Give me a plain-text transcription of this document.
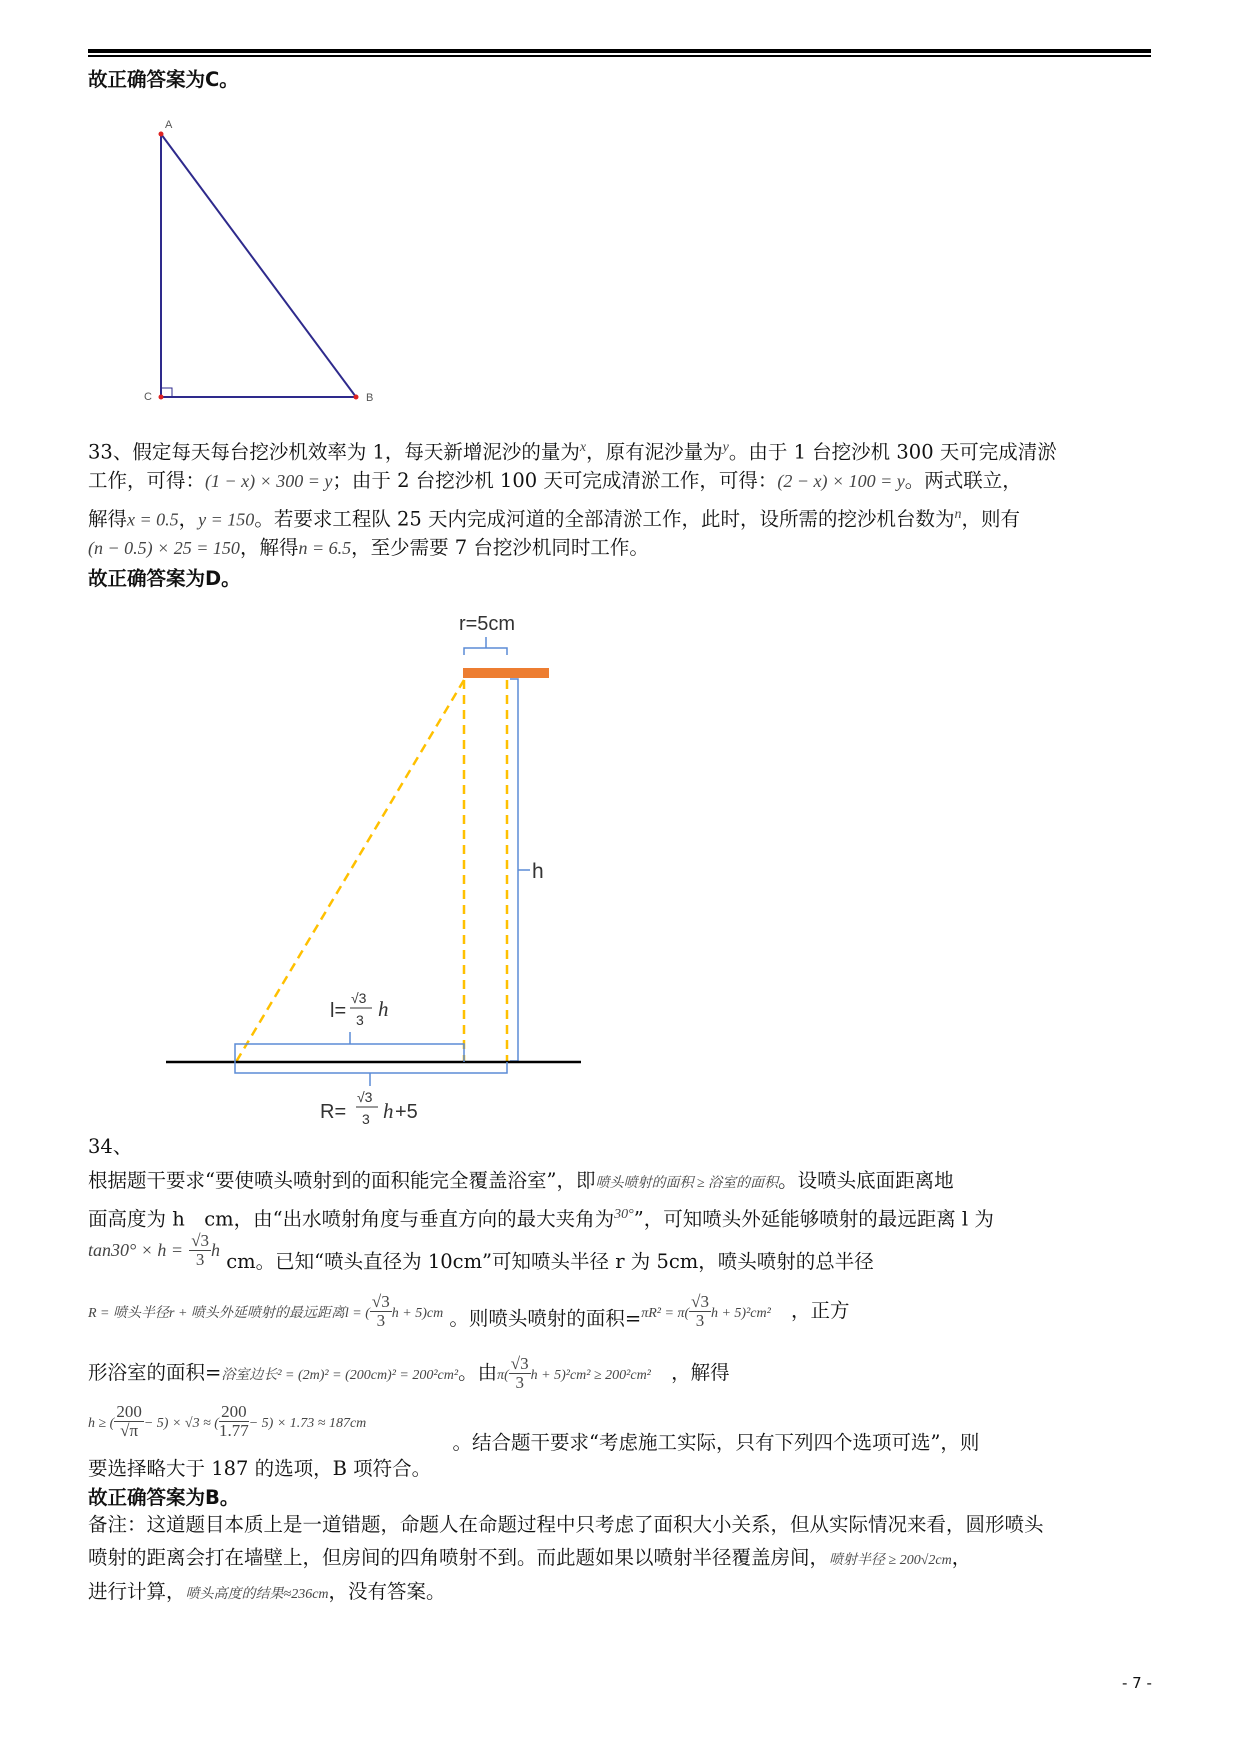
故正确答案为C。
A
C	B
r=5cm
h
l=
√3
3 h
R=
√3
3 h +5
33、假定每天每台挖沙机效率为 1，每天新增泥沙的量为$^x$，原有泥沙量为$^y$。由于 1 台挖沙机 300 天可完成清淤
工作，可得：(1 − x) × 300 = y；由于 2 台挖沙机 100 天可完成清淤工作，可得：(2 − x) × 100 = y。两式联立，
解得x = 0.5，y = 150。若要求工程队 25 天内完成河道的全部清淤工作，此时，设所需的挖沙机台数为$^n$，则有
(n − 0.5) × 25 = 150，解得n = 6.5，至少需要 7 台挖沙机同时工作。
故正确答案为D。
34、
根据题干要求“要使喷头喷射到的面积能完全覆盖浴室”，即喷头喷射的面积 ≥ 浴室的面积。设喷头底面距离地
面高度为 h　cm，由“出水喷射角度与垂直方向的最大夹角为$^{30^\circ}$”，可知喷头外延能够喷射的最远距离 l 为
$\tan 30^\circ \times h = \frac{√3}{3}$ h cm。已知“喷头直径为 10cm”可知喷头半径 r 为 5cm，喷头喷射的总半径
R = 喷头半径r + 喷头外延喷射的最远距离l = ( $\frac{√3}{3}$ h + 5)cm 。则喷头喷射的面积$=\pi R^2 = \pi( \frac{√3}{3}$ h + 5)²cm² ，正方
形浴室的面积=浴室边长² = (2m)² = (200cm)² = 200²cm²。由$\pi( \frac{√3}{3}$ h + 5)²cm² ≥ 200²cm² ，解得
h ≥ ( $\frac{200}{√\pi} - 5) \times √3$ ≈ ( $\frac{200}{1.77} - 5) \times 1.73 \approx 187cm$ 。结合题干要求“考虑施工实际，只有下列四个选项可选”，则
要选择略大于 187 的选项，B 项符合。
故正确答案为B。
备注：这道题目本质上是一道错题，命题人在命题过程中只考虑了面积大小关系，但从实际情况来看，圆形喷头
喷射的距离会打在墙壁上，但房间的四角喷射不到。而此题如果以喷射半径覆盖房间，喷射半径 ≥ 200√2cm，
进行计算，喷头高度的结果≈236cm，没有答案。
- 7 -
